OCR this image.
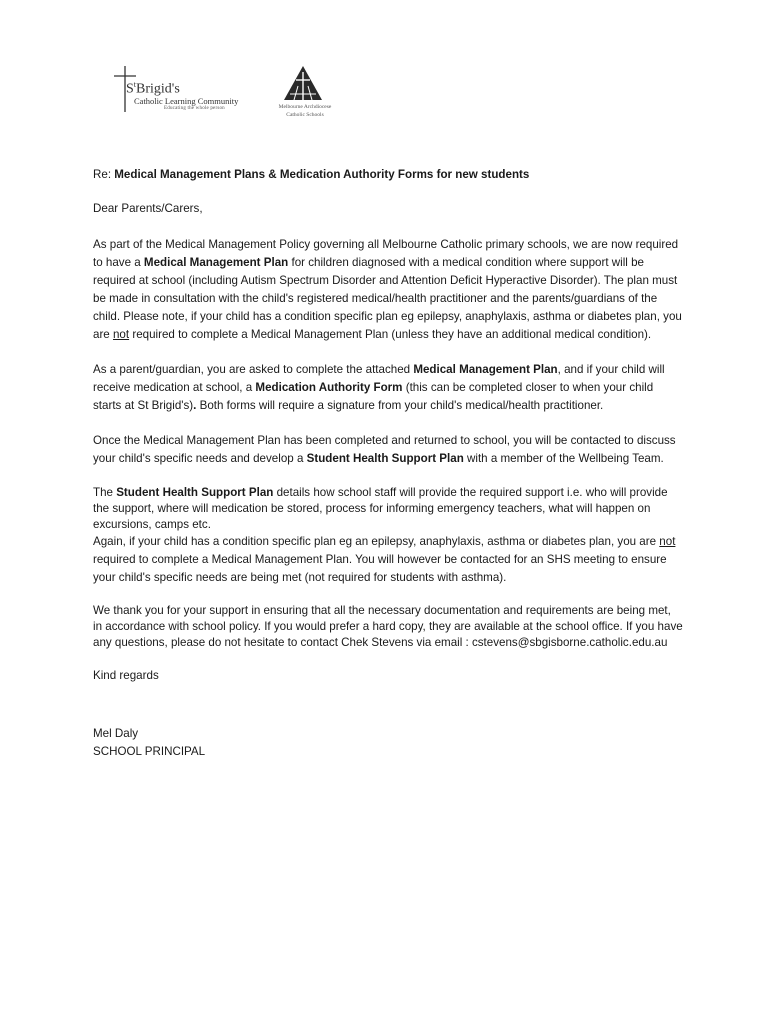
$S^tBrigid's$
Catholic Learning Community
Educating the whole person	Melbourne Archdiocese
Catholic Schools

Re: Medical Management Plans & Medication Authority Forms for new students

Dear Parents/Carers,

As part of the Medical Management Policy governing all Melbourne Catholic primary schools, we are now required to have a Medical Management Plan for children diagnosed with a medical condition where support will be required at school (including Autism Spectrum Disorder and Attention Deficit Hyperactive Disorder). The plan must be made in consultation with the child's registered medical/health practitioner and the parents/guardians of the child. Please note, if your child has a condition specific plan eg epilepsy, anaphylaxis, asthma or diabetes plan, you are not required to complete a Medical Management Plan (unless they have an additional medical condition).

As a parent/guardian, you are asked to complete the attached Medical Management Plan, and if your child will receive medication at school, a Medication Authority Form (this can be completed closer to when your child starts at St Brigid's). Both forms will require a signature from your child's medical/health practitioner.

Once the Medical Management Plan has been completed and returned to school, you will be contacted to discuss your child's specific needs and develop a Student Health Support Plan with a member of the Wellbeing Team.

The Student Health Support Plan details how school staff will provide the required support i.e. who will provide the support, where will medication be stored, process for informing emergency teachers, what will happen on excursions, camps etc.

Again, if your child has a condition specific plan eg an epilepsy, anaphylaxis, asthma or diabetes plan, you are not required to complete a Medical Management Plan. You will however be contacted for an SHS meeting to ensure your child's specific needs are being met (not required for students with asthma).

We thank you for your support in ensuring that all the necessary documentation and requirements are being met, in accordance with school policy. If you would prefer a hard copy, they are available at the school office. If you have any questions, please do not hesitate to contact Chek Stevens via email : cstevens@sbgisborne.catholic.edu.au

Kind regards

Mel Daly

SCHOOL PRINCIPAL
